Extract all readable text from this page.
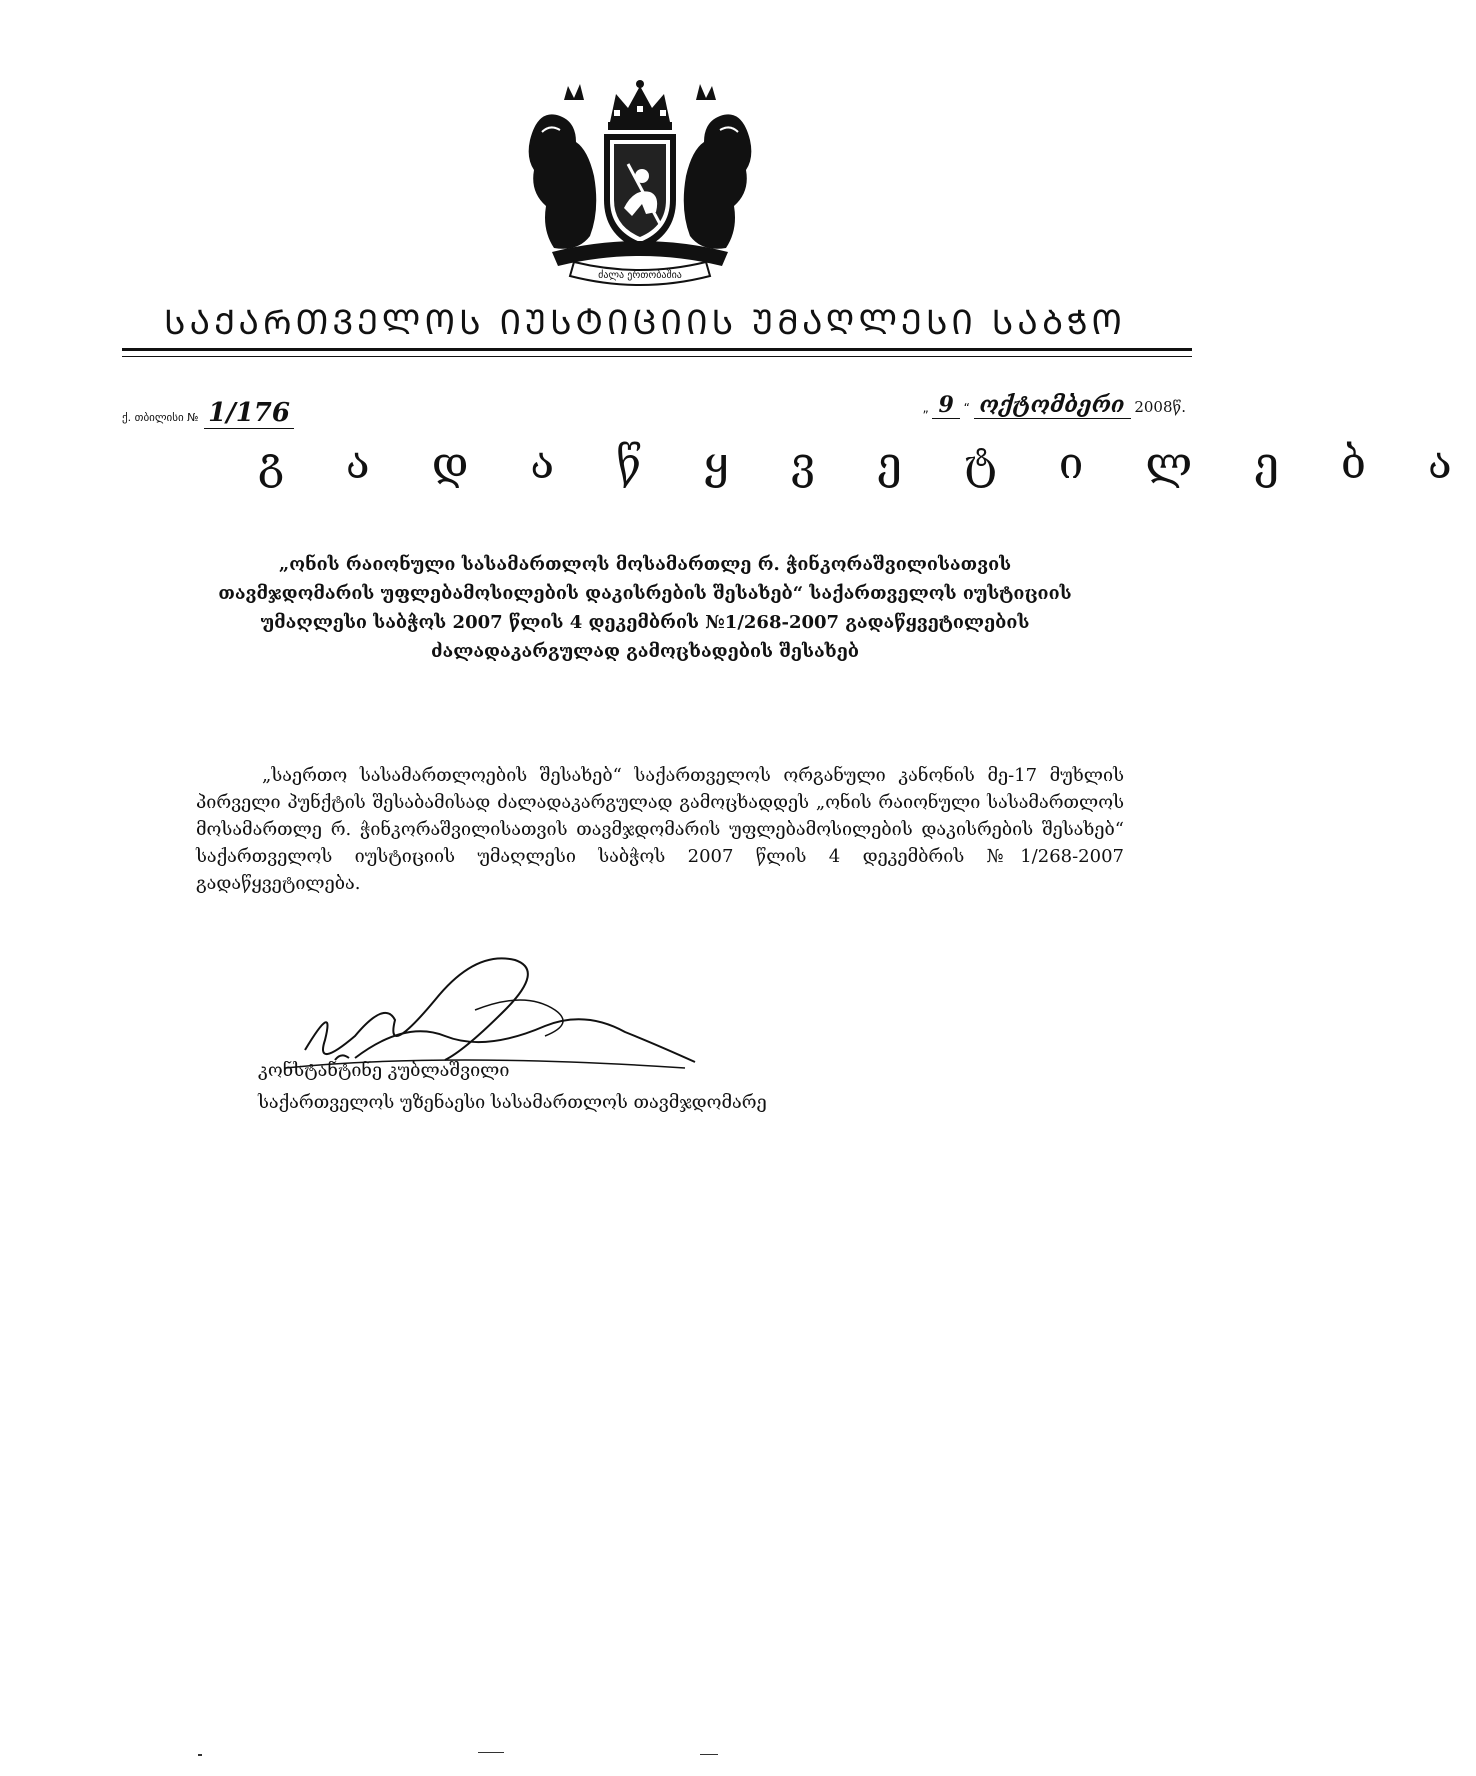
ძალა ერთობაშია
ᲡᲐᲥᲐᲠᲗᲕᲔᲚᲝᲡ ᲘᲣᲡᲢᲘᲪᲘᲘᲡ ᲣᲛᲐᲦᲚᲔᲡᲘ ᲡᲐᲑᲭᲝ
ქ. თბილისი № 1/176	„ 9 “ ოქტომბერი 2008წ.
გ ა დ ა წ ყ ვ ე ტ ი ლ ე ბ ა
„ონის რაიონული სასამართლოს მოსამართლე რ. ჭინკორაშვილისათვის თავმჯდომარის უფლებამოსილების დაკისრების შესახებ“ საქართველოს იუსტიციის უმაღლესი საბჭოს 2007 წლის 4 დეკემბრის №1/268-2007 გადაწყვეტილების ძალადაკარგულად გამოცხადების შესახებ
„საერთო სასამართლოების შესახებ“ საქართველოს ორგანული კანონის მე-17 მუხლის პირველი პუნქტის შესაბამისად ძალადაკარგულად გამოცხადდეს „ონის რაიონული სასამართლოს მოსამართლე რ. ჭინკორაშვილისათვის თავმჯდომარის უფლებამოსილების დაკისრების შესახებ“ საქართველოს იუსტიციის უმაღლესი საბჭოს 2007 წლის 4 დეკემბრის №1/268-2007 გადაწყვეტილება.
კონსტანტინე კუბლაშვილი
საქართველოს უზენაესი სასამართლოს თავმჯდომარე
